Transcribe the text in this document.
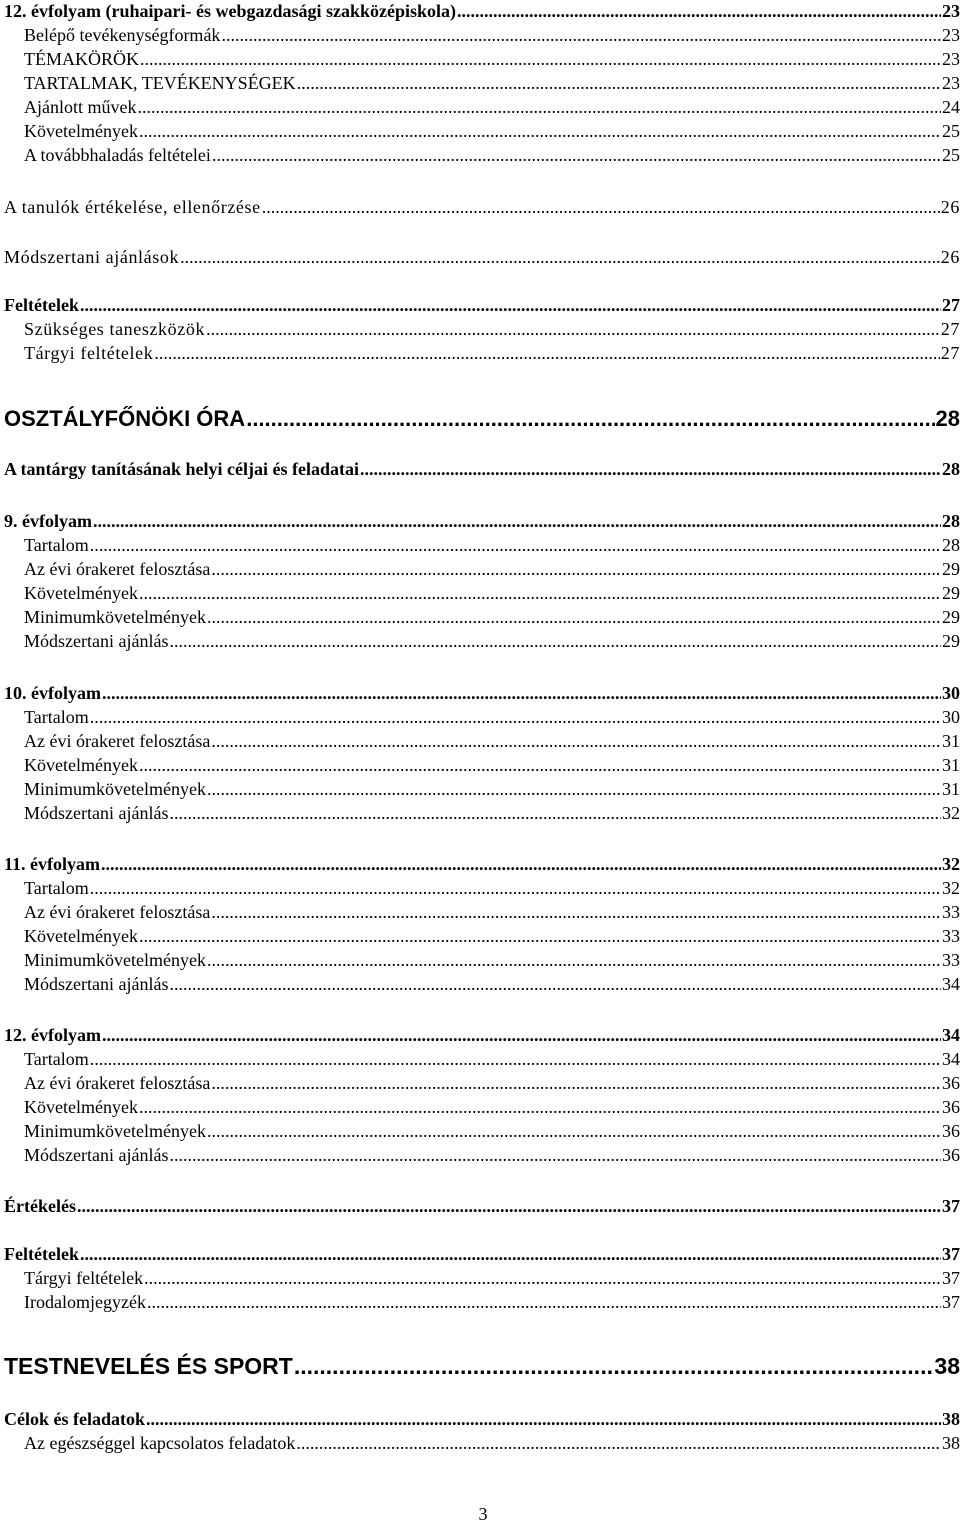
12. évfolyam (ruhaipari- és webgazdasági szakközépiskola) .....	23
Belépő tevékenységformák .....	23
TÉMAKÖRÖK .....	23
TARTALMAK, TEVÉKENYSÉGEK .....	23
Ajánlott művek .....	24
Követelmények .....	25
A továbbhaladás feltételei .....	25
A tanulók értékelése, ellenőrzése .....	26
Módszertani ajánlások .....	26
Feltételek .....	27
Szükséges taneszközök .....	27
Tárgyi feltételek .....	27
OSZTÁLYFŐNÖKI ÓRA .....	28
A tantárgy tanításának helyi céljai és feladatai .....	28
9. évfolyam .....	28
Tartalom .....	28
Az évi órakeret felosztása .....	29
Követelmények .....	29
Minimumkövetelmények .....	29
Módszertani ajánlás .....	29
10. évfolyam .....	30
Tartalom .....	30
Az évi órakeret felosztása .....	31
Követelmények .....	31
Minimumkövetelmények .....	31
Módszertani ajánlás .....	32
11. évfolyam .....	32
Tartalom .....	32
Az évi órakeret felosztása .....	33
Követelmények .....	33
Minimumkövetelmények .....	33
Módszertani ajánlás .....	34
12. évfolyam .....	34
Tartalom .....	34
Az évi órakeret felosztása .....	36
Követelmények .....	36
Minimumkövetelmények .....	36
Módszertani ajánlás .....	36
Értékelés .....	37
Feltételek .....	37
Tárgyi feltételek .....	37
Irodalomjegyzék .....	37
TESTNEVELÉS ÉS SPORT .....	38
Célok és feladatok .....	38
Az egészséggel kapcsolatos feladatok .....	38
3
